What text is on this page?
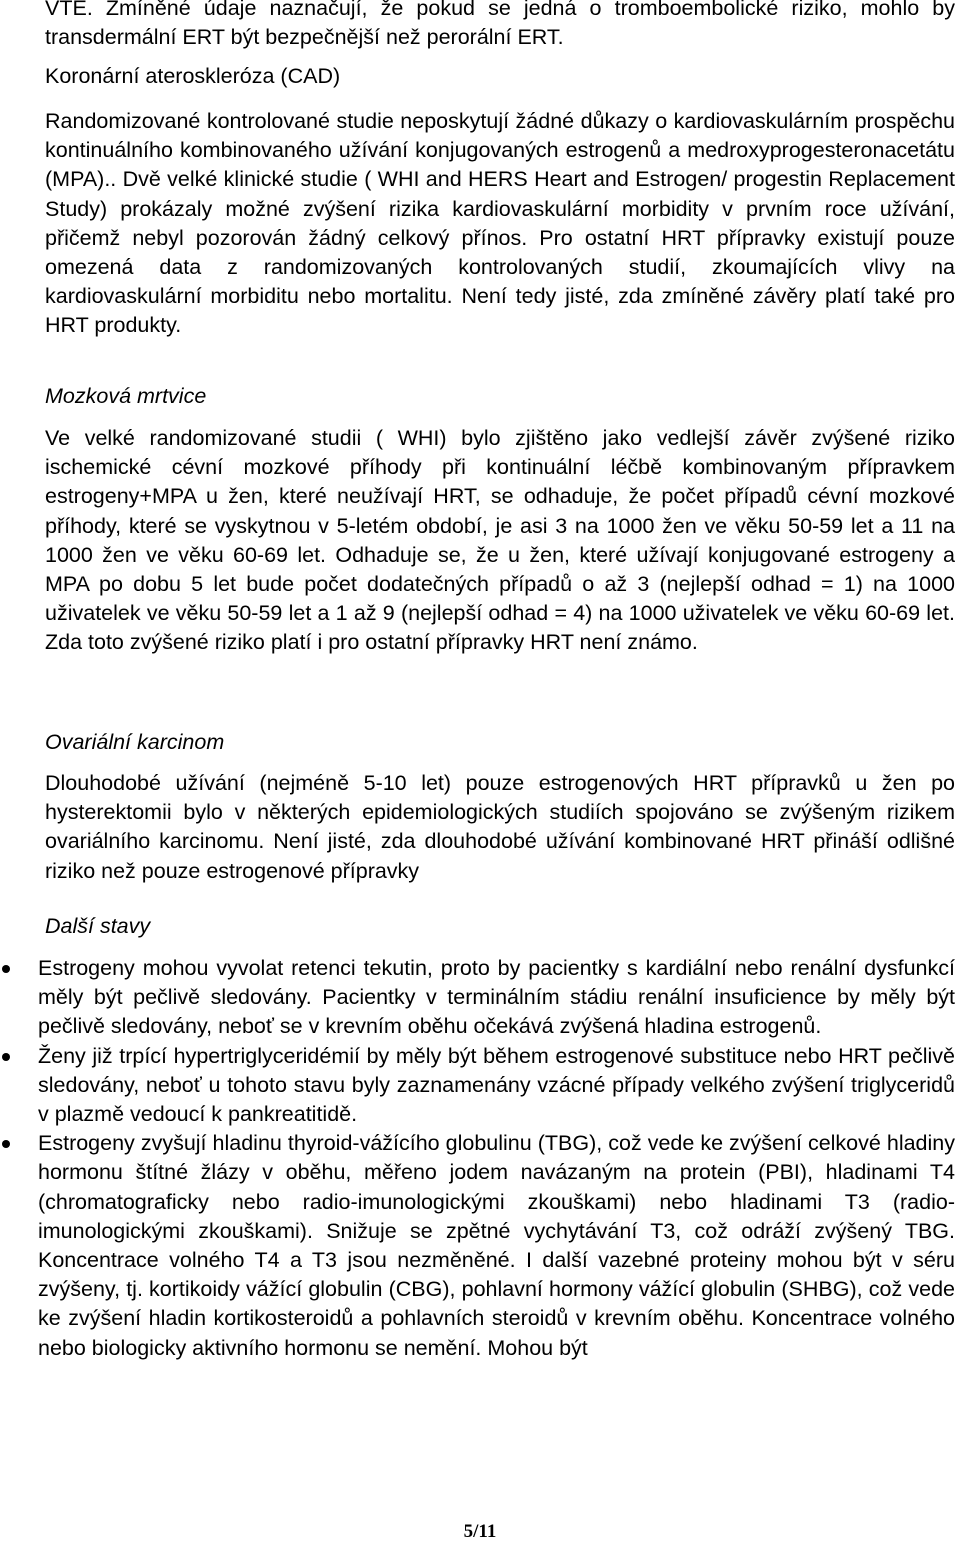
VTE. Zmíněné údaje naznačují, že pokud se jedná o tromboembolické riziko, mohlo by transdermální ERT být bezpečnější než perorální ERT.

Koronární ateroskleróza (CAD)

Randomizované kontrolované studie neposkytují žádné důkazy o kardiovaskulárním prospěchu kontinuálního kombinovaného užívání konjugovaných estrogenů a medroxyprogesteronacetátu (MPA).. Dvě velké klinické studie ( WHI and HERS Heart and Estrogen/ progestin Replacement Study) prokázaly možné zvýšení rizika kardiovaskulární morbidity v prvním roce užívání, přičemž nebyl pozorován žádný celkový přínos. Pro ostatní HRT přípravky existují pouze omezená data z randomizovaných kontrolovaných studií, zkoumajících vlivy na kardiovaskulární morbiditu nebo mortalitu. Není tedy jisté, zda zmíněné závěry platí také pro HRT produkty.

Mozková mrtvice

Ve velké randomizované studii ( WHI) bylo zjištěno jako vedlejší závěr zvýšené riziko ischemické cévní mozkové příhody při kontinuální léčbě kombinovaným přípravkem estrogeny+MPA u žen, které neužívají HRT, se odhaduje, že počet případů cévní mozkové příhody, které se vyskytnou v 5-letém období, je asi 3 na 1000 žen ve věku 50-59 let a 11 na 1000 žen ve věku 60-69 let. Odhaduje se, že u žen, které užívají konjugované estrogeny a MPA po dobu 5 let bude počet dodatečných případů o až 3 (nejlepší odhad = 1) na 1000 uživatelek ve věku 50-59 let a 1 až 9 (nejlepší odhad = 4) na 1000 uživatelek ve věku 60-69 let. Zda toto zvýšené riziko platí i pro ostatní přípravky HRT není známo.

Ovariální karcinom

Dlouhodobé užívání (nejméně 5-10 let) pouze estrogenových HRT přípravků u žen po hysterektomii bylo v některých epidemiologických studiích spojováno se zvýšeným rizikem ovariálního karcinomu. Není jisté, zda dlouhodobé užívání kombinované HRT přináší odlišné riziko než pouze estrogenové přípravky

Další stavy

Estrogeny mohou vyvolat retenci tekutin, proto by pacientky s kardiální nebo renální dysfunkcí měly být pečlivě sledovány. Pacientky v terminálním stádiu renální insuficience by měly být pečlivě sledovány, neboť se v krevním oběhu očekává zvýšená hladina estrogenů.
Ženy již trpící hypertriglyceridémií by měly být během estrogenové substituce nebo HRT pečlivě sledovány, neboť u tohoto stavu byly zaznamenány vzácné případy velkého zvýšení triglyceridů v plazmě vedoucí k pankreatitidě.
Estrogeny zvyšují hladinu thyroid-vážícího globulinu (TBG), což vede ke zvýšení celkové hladiny hormonu štítné žlázy v oběhu, měřeno jodem navázaným na protein (PBI), hladinami T4 (chromatograficky nebo radio-imunologickými zkouškami) nebo hladinami T3 (radio-imunologickými zkouškami). Snižuje se zpětné vychytávání T3, což odráží zvýšený TBG. Koncentrace volného T4 a T3 jsou nezměněné. I další vazebné proteiny mohou být v séru zvýšeny, tj. kortikoidy vážící globulin (CBG), pohlavní hormony vážící globulin (SHBG), což vede ke zvýšení hladin kortikosteroidů a pohlavních steroidů v krevním oběhu. Koncentrace volného nebo biologicky aktivního hormonu se nemění. Mohou být
5/11
